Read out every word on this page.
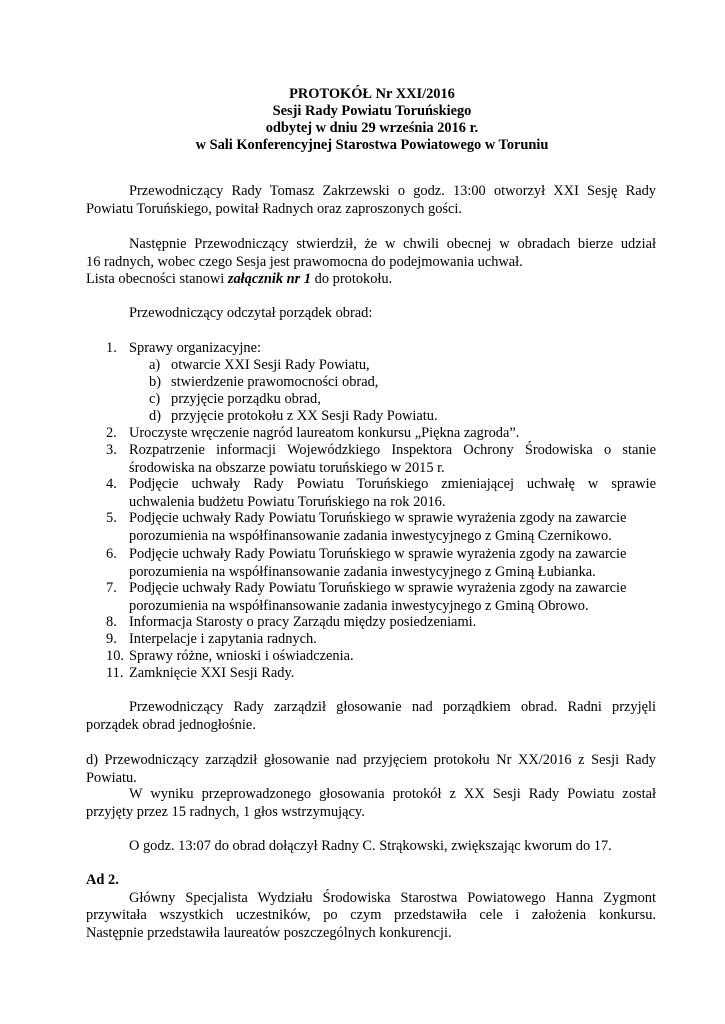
PROTOKÓŁ Nr XXI/2016
Sesji Rady Powiatu Toruńskiego
odbytej w dniu 29 września 2016 r.
w Sali Konferencyjnej Starostwa Powiatowego w Toruniu
Przewodniczący Rady Tomasz Zakrzewski o godz. 13:00 otworzył XXI Sesję Rady
Powiatu Toruńskiego, powitał Radnych oraz zaproszonych gości.
Następnie Przewodniczący stwierdził, że w chwili obecnej w obradach bierze udział
16 radnych, wobec czego Sesja jest prawomocna do podejmowania uchwał.
Lista obecności stanowi załącznik nr 1 do protokołu.
Przewodniczący odczytał porządek obrad:
1. Sprawy organizacyjne:
a) otwarcie XXI Sesji Rady Powiatu,
b) stwierdzenie prawomocności obrad,
c) przyjęcie porządku obrad,
d) przyjęcie protokołu z XX Sesji Rady Powiatu.
2. Uroczyste wręczenie nagród laureatom konkursu „Piękna zagroda”.
3. Rozpatrzenie informacji Wojewódzkiego Inspektora Ochrony Środowiska o stanie
środowiska na obszarze powiatu toruńskiego w 2015 r.
4. Podjęcie uchwały Rady Powiatu Toruńskiego zmieniającej uchwałę w sprawie
uchwalenia budżetu Powiatu Toruńskiego na rok 2016.
5. Podjęcie uchwały Rady Powiatu Toruńskiego w sprawie wyrażenia zgody na zawarcie
porozumienia na współfinansowanie zadania inwestycyjnego z Gminą Czernikowo.
6. Podjęcie uchwały Rady Powiatu Toruńskiego w sprawie wyrażenia zgody na zawarcie
porozumienia na współfinansowanie zadania inwestycyjnego z Gminą Łubianka.
7. Podjęcie uchwały Rady Powiatu Toruńskiego w sprawie wyrażenia zgody na zawarcie
porozumienia na współfinansowanie zadania inwestycyjnego z Gminą Obrowo.
8. Informacja Starosty o pracy Zarządu między posiedzeniami.
9. Interpelacje i zapytania radnych.
10. Sprawy różne, wnioski i oświadczenia.
11. Zamknięcie XXI Sesji Rady.
Przewodniczący Rady zarządził głosowanie nad porządkiem obrad. Radni przyjęli
porządek obrad jednogłośnie.
d) Przewodniczący zarządził głosowanie nad przyjęciem protokołu Nr XX/2016 z Sesji Rady
Powiatu.
W wyniku przeprowadzonego głosowania protokół z XX Sesji Rady Powiatu został
przyjęty przez 15 radnych, 1 głos wstrzymujący.
O godz. 13:07 do obrad dołączył Radny C. Strąkowski, zwiększając kworum do 17.
Ad 2.
Główny Specjalista Wydziału Środowiska Starostwa Powiatowego Hanna Zygmont
przywitała wszystkich uczestników, po czym przedstawiła cele i założenia konkursu.
Następnie przedstawiła laureatów poszczególnych konkurencji.
